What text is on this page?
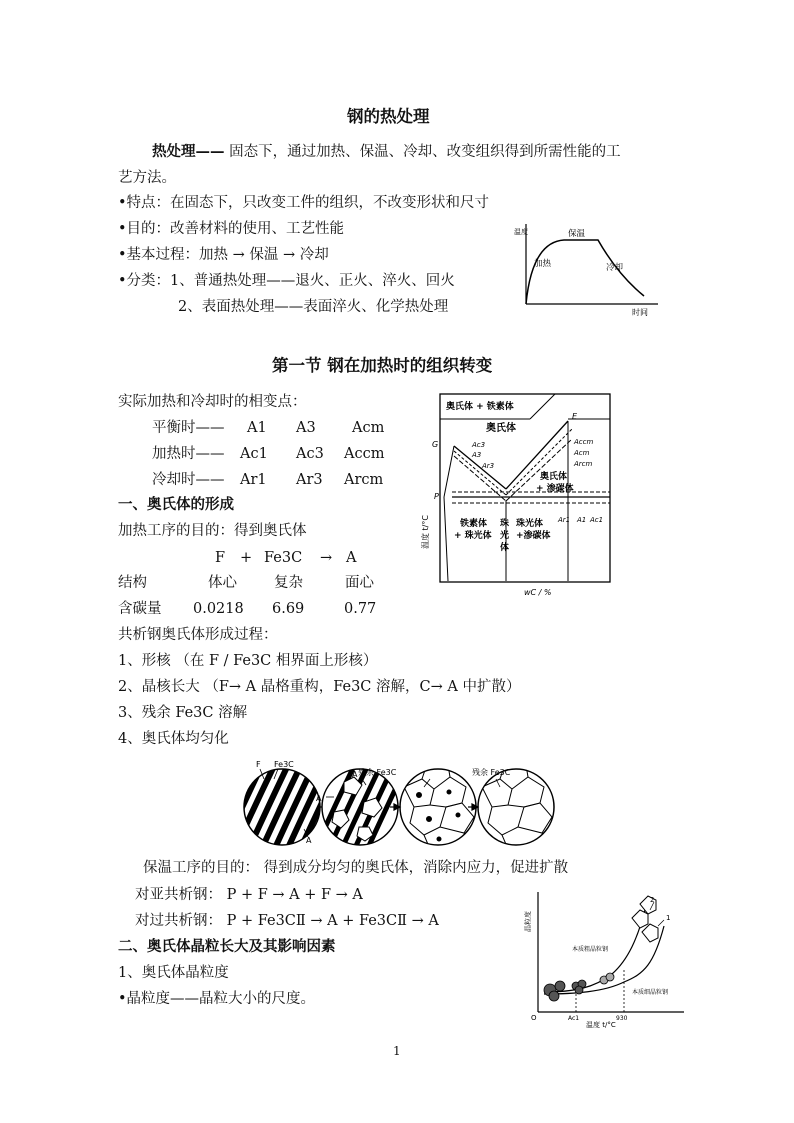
钢的热处理
热处理—— 固态下，通过加热、保温、冷却、改变组织得到所需性能的工
艺方法。
•特点：在固态下，只改变工件的组织，不改变形状和尺寸
•目的：改善材料的使用、工艺性能
•基本过程：加热 → 保温 → 冷却
•分类：1、普通热处理——退火、正火、淬火、回火
2、表面热处理——表面淬火、化学热处理
温度
时间
保温
加热	冷却
第一节 钢在加热时的组织转变
实际加热和冷却时的相变点：
平衡时—— A1 A3	Acm
加热时—— Ac1 Ac3 Accm
冷却时—— Ar1 Ar3 Arcm
一、奥氏体的形成
加热工序的目的：得到奥氏体
F + Fe3C → A
结构	体心	复杂	面心
含碳量 0.0218 6.69	0.77
共析钢奥氏体形成过程：
1、形核 （在 F / Fe3C 相界面上形核）
2、晶核长大 （F→ A 晶格重构，Fe3C 溶解，C→ A 中扩散）
3、残余 Fe3C 溶解
4、奥氏体均匀化
奥氏体 + 铁素体
奥氏体
奥氏体
+ 渗碳体
铁素体
+ 珠光体
珠
光
体
珠光体
+渗碳体
G
E
P
Ac3
A3
Ar3
Accm
Acm
Arcm
Ar1 A1 Ac1
温度 t/°C
wC / %
F Fe3C
A
A
A
残余 Fe3C	残余 Fe3C
保温工序的目的： 得到成分均匀的奥氏体，消除内应力，促进扩散
对亚共析钢： P + F → A + F → A
对过共析钢： P + Fe3CⅡ → A + Fe3CⅡ → A
二、奥氏体晶粒长大及其影响因素
1、奥氏体晶粒度
•晶粒度——晶粒大小的尺度。
晶粒度
温度 t/°C
本质粗晶粒钢
本质细晶粒钢
2
1
O	Ac1	930
1
